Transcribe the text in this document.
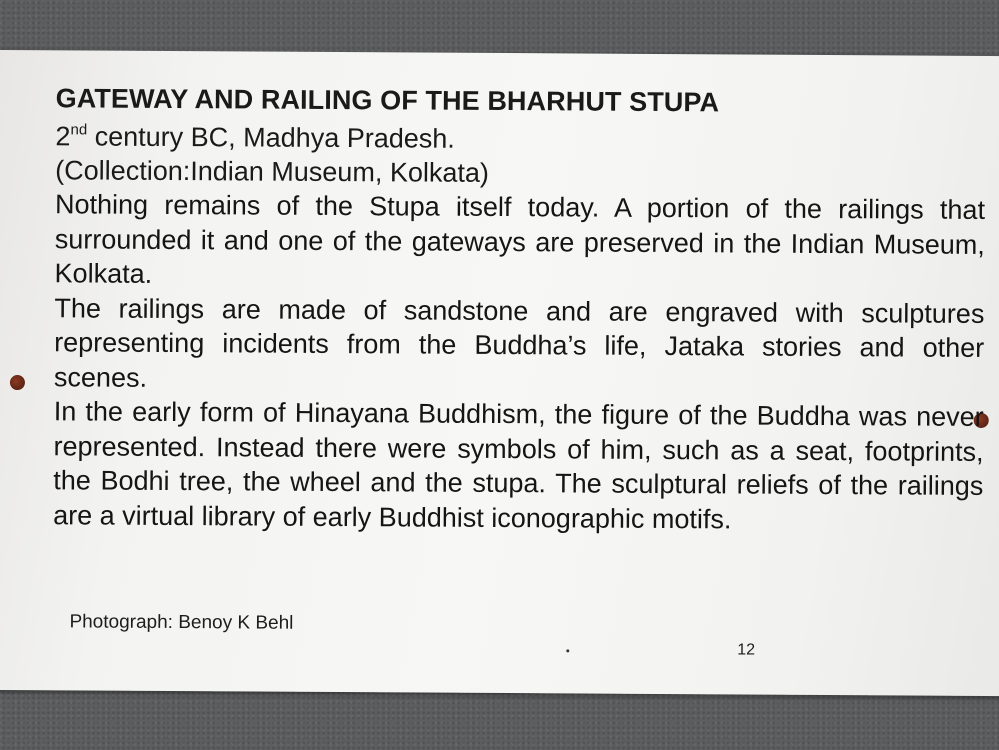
GATEWAY AND RAILING OF THE BHARHUT STUPA

2nd century BC, Madhya Pradesh.

(Collection:Indian Museum, Kolkata)

Nothing remains of the Stupa itself today. A portion of the railings that surrounded it and one of the gateways are preserved in the Indian Museum, Kolkata.

The railings are made of sandstone and are engraved with sculptures representing incidents from the Buddha’s life, Jataka stories and other scenes.

In the early form of Hinayana Buddhism, the figure of the Buddha was never represented. Instead there were symbols of him, such as a seat, footprints, the Bodhi tree, the wheel and the stupa. The sculptural reliefs of the railings are a virtual library of early Buddhist iconographic motifs.

Photograph: Benoy K Behl
12
